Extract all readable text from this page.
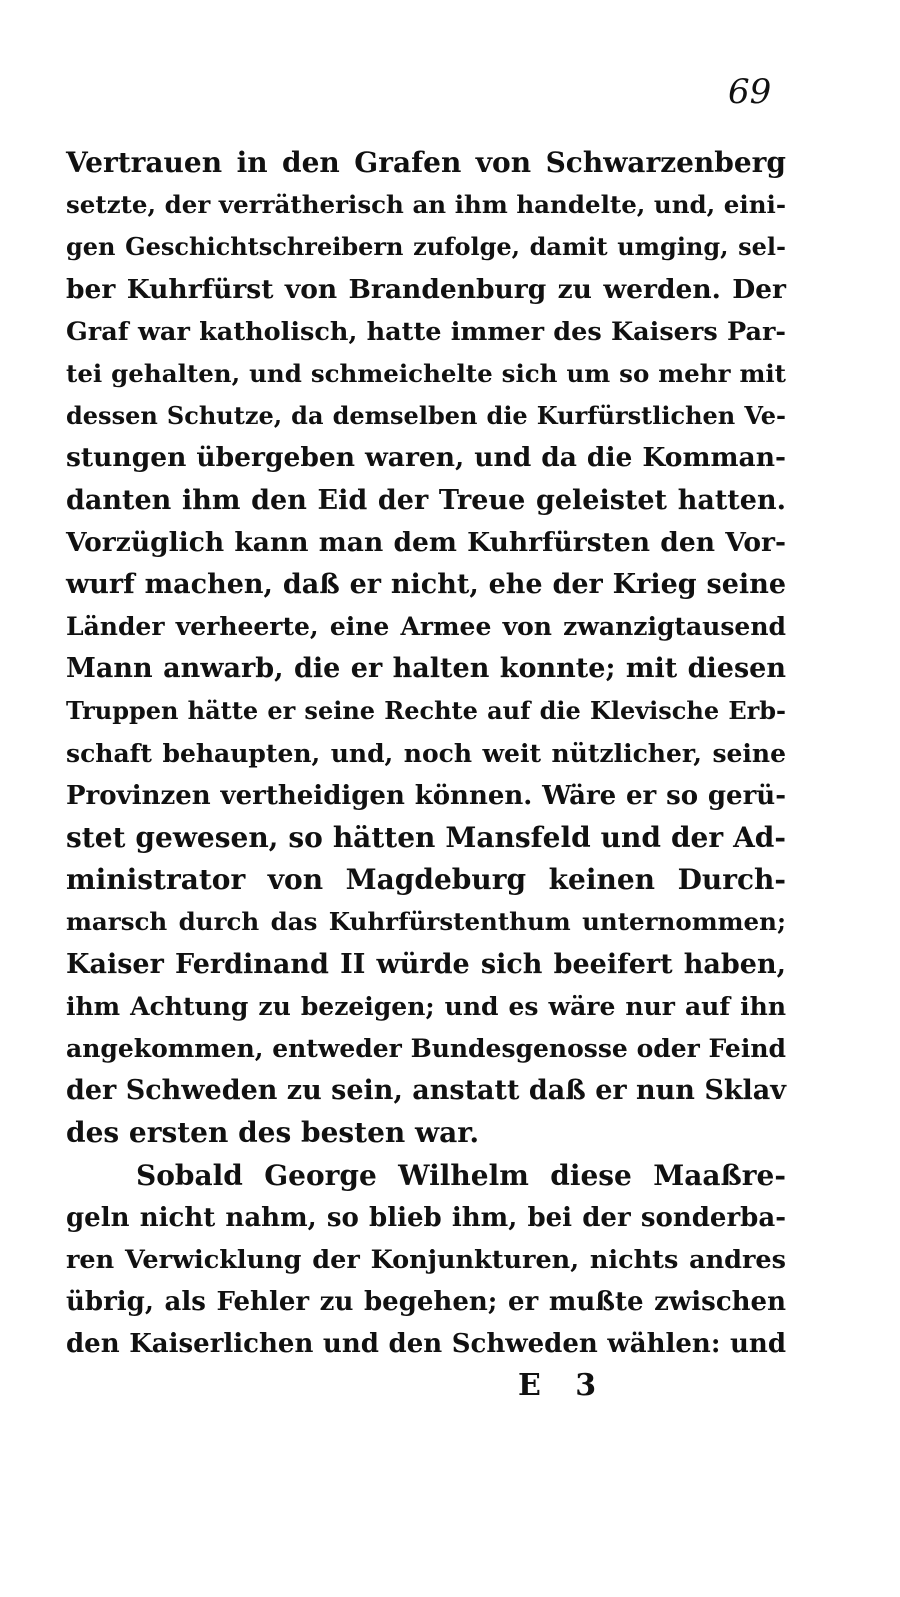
69
Vertrauen in den Grafen von Schwarzenberg
setzte, der verrätherisch an ihm handelte, und, eini-
gen Geschichtschreibern zufolge, damit umging, sel-
ber Kuhrfürst von Brandenburg zu werden. Der
Graf war katholisch, hatte immer des Kaisers Par-
tei gehalten, und schmeichelte sich um so mehr mit
dessen Schutze, da demselben die Kurfürstlichen Ve-
stungen übergeben waren, und da die Komman-
danten ihm den Eid der Treue geleistet hatten.
Vorzüglich kann man dem Kuhrfürsten den Vor-
wurf machen, daß er nicht, ehe der Krieg seine
Länder verheerte, eine Armee von zwanzigtausend
Mann anwarb, die er halten konnte; mit diesen
Truppen hätte er seine Rechte auf die Klevische Erb-
schaft behaupten, und, noch weit nützlicher, seine
Provinzen vertheidigen können. Wäre er so gerü-
stet gewesen, so hätten Mansfeld und der Ad-
ministrator von Magdeburg keinen Durch-
marsch durch das Kuhrfürstenthum unternommen;
Kaiser Ferdinand II würde sich beeifert haben,
ihm Achtung zu bezeigen; und es wäre nur auf ihn
angekommen, entweder Bundesgenosse oder Feind
der Schweden zu sein, anstatt daß er nun Sklav
des ersten des besten war.
Sobald George Wilhelm diese Maaßre-
geln nicht nahm, so blieb ihm, bei der sonderba-
ren Verwicklung der Konjunkturen, nichts andres
übrig, als Fehler zu begehen; er mußte zwischen
den Kaiserlichen und den Schweden wählen: und
E 3
